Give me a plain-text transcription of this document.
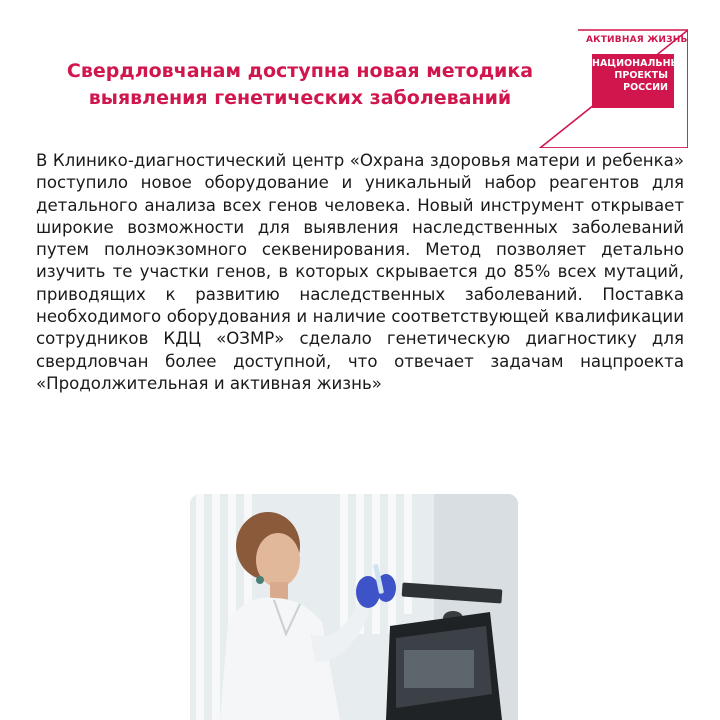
Свердловчанам доступна новая методика
выявления генетических заболеваний
АКТИВНАЯ ЖИЗНЬ
НАЦИОНАЛЬНЫЕ
ПРОЕКТЫ
РОССИИ
В Клинико-диагностический центр «Охрана здоровья матери и ребенка» поступило новое оборудование и уникальный набор реагентов для детального анализа всех генов человека. Новый инструмент открывает широкие возможности для выявления наследственных заболеваний путем полноэкзомного секвенирования. Метод позволяет детально изучить те участки генов, в которых скрывается до 85% всех мутаций, приводящих к развитию наследственных заболеваний. Поставка необходимого оборудования и наличие соответствующей квалификации сотрудников КДЦ «ОЗМР» сделало генетическую диагностику для свердловчан более доступной, что отвечает задачам нацпроекта «Продолжительная и активная жизнь»
